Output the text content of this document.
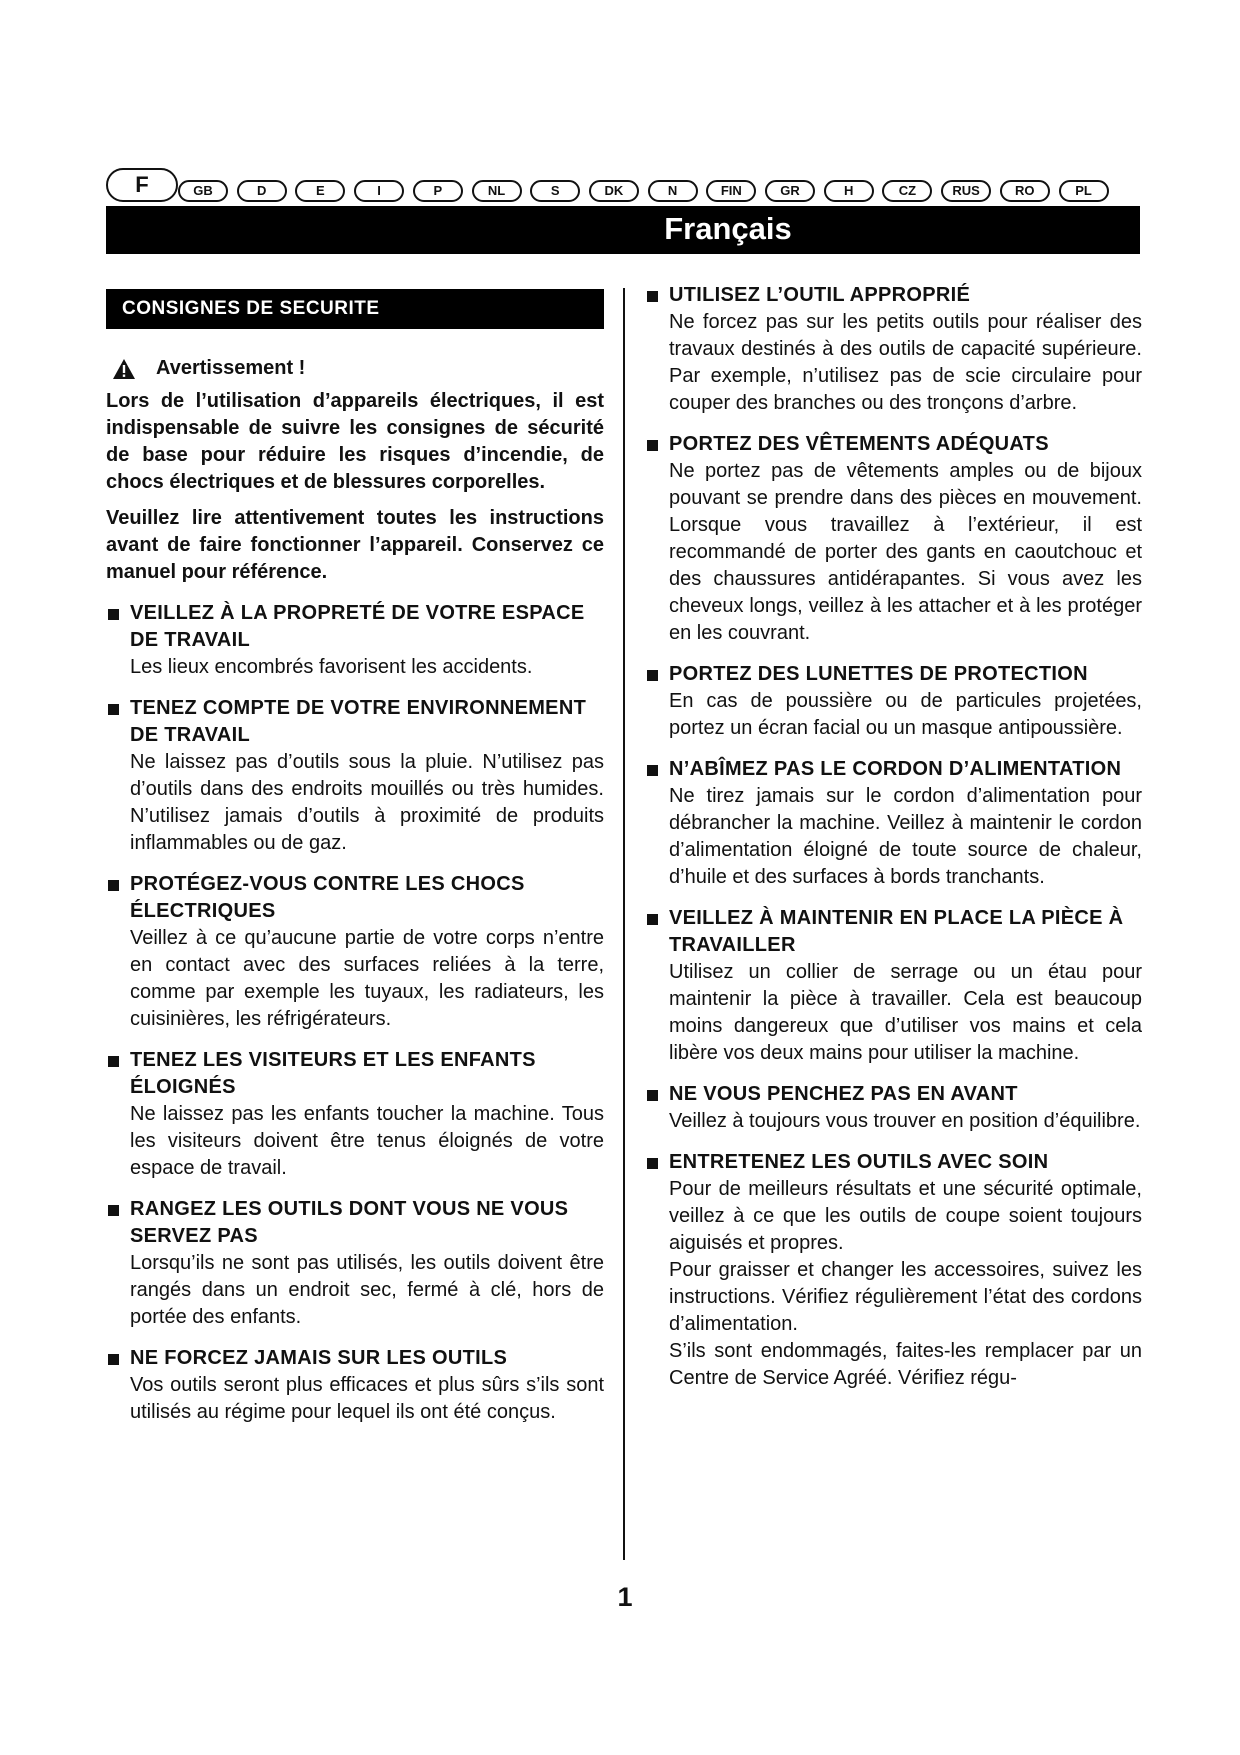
F	GB	D	E	I	P	NL	S	DK	N	FIN	GR	H	CZ	RUS	RO	PL
Français
CONSIGNES DE SECURITE
Avertissement !

Lors de l’utilisation d’appareils électriques, il est indispensable de suivre les consignes de sécurité de base pour réduire les risques d’incendie, de chocs électriques et de blessures corporelles.

Veuillez lire attentivement toutes les instructions avant de faire fonctionner l’appareil. Conservez ce manuel pour référence.

VEILLEZ À LA PROPRETÉ DE VOTRE ESPACE DE TRAVAIL

Les lieux encombrés favorisent les accidents.

TENEZ COMPTE DE VOTRE ENVIRONNEMENT DE TRAVAIL

Ne laissez pas d’outils sous la pluie. N’utilisez pas d’outils dans des endroits mouillés ou très humides. N’utilisez jamais d’outils à proximité de produits inflammables ou de gaz.

PROTÉGEZ-VOUS CONTRE LES CHOCS ÉLECTRIQUES

Veillez à ce qu’aucune partie de votre corps n’entre en contact avec des surfaces reliées à la terre, comme par exemple les tuyaux, les radiateurs, les cuisinières, les réfrigérateurs.

TENEZ LES VISITEURS ET LES ENFANTS ÉLOIGNÉS

Ne laissez pas les enfants toucher la machine. Tous les visiteurs doivent être tenus éloignés de votre espace de travail.

RANGEZ LES OUTILS DONT VOUS NE VOUS SERVEZ PAS

Lorsqu’ils ne sont pas utilisés, les outils doivent être rangés dans un endroit sec, fermé à clé, hors de portée des enfants.

NE FORCEZ JAMAIS SUR LES OUTILS

Vos outils seront plus efficaces et plus sûrs s’ils sont utilisés au régime pour lequel ils ont été conçus.

UTILISEZ L’OUTIL APPROPRIÉ

Ne forcez pas sur les petits outils pour réaliser des travaux destinés à des outils de capacité supérieure. Par exemple, n’utilisez pas de scie circulaire pour couper des branches ou des tronçons d’arbre.

PORTEZ DES VÊTEMENTS ADÉQUATS

Ne portez pas de vêtements amples ou de bijoux pouvant se prendre dans des pièces en mouvement. Lorsque vous travaillez à l’extérieur, il est recommandé de porter des gants en caoutchouc et des chaussures antidérapantes. Si vous avez les cheveux longs, veillez à les attacher et à les protéger en les couvrant.

PORTEZ DES LUNETTES DE PROTECTION

En cas de poussière ou de particules projetées, portez un écran facial ou un masque antipoussière.

N’ABÎMEZ PAS LE CORDON D’ALIMENTATION

Ne tirez jamais sur le cordon d’alimentation pour débrancher la machine. Veillez à maintenir le cordon d’alimentation éloigné de toute source de chaleur, d’huile et des surfaces à bords tranchants.

VEILLEZ À MAINTENIR EN PLACE LA PIÈCE À TRAVAILLER

Utilisez un collier de serrage ou un étau pour maintenir la pièce à travailler. Cela est beaucoup moins dangereux que d’utiliser vos mains et cela libère vos deux mains pour utiliser la machine.

NE VOUS PENCHEZ PAS EN AVANT

Veillez à toujours vous trouver en position d’équilibre.

ENTRETENEZ LES OUTILS AVEC SOIN

Pour de meilleurs résultats et une sécurité optimale, veillez à ce que les outils de coupe soient toujours aiguisés et propres.

Pour graisser et changer les accessoires, suivez les instructions. Vérifiez régulièrement l’état des cordons d’alimentation.

S’ils sont endommagés, faites-les remplacer par un Centre de Service Agréé. Vérifiez régu-

1
